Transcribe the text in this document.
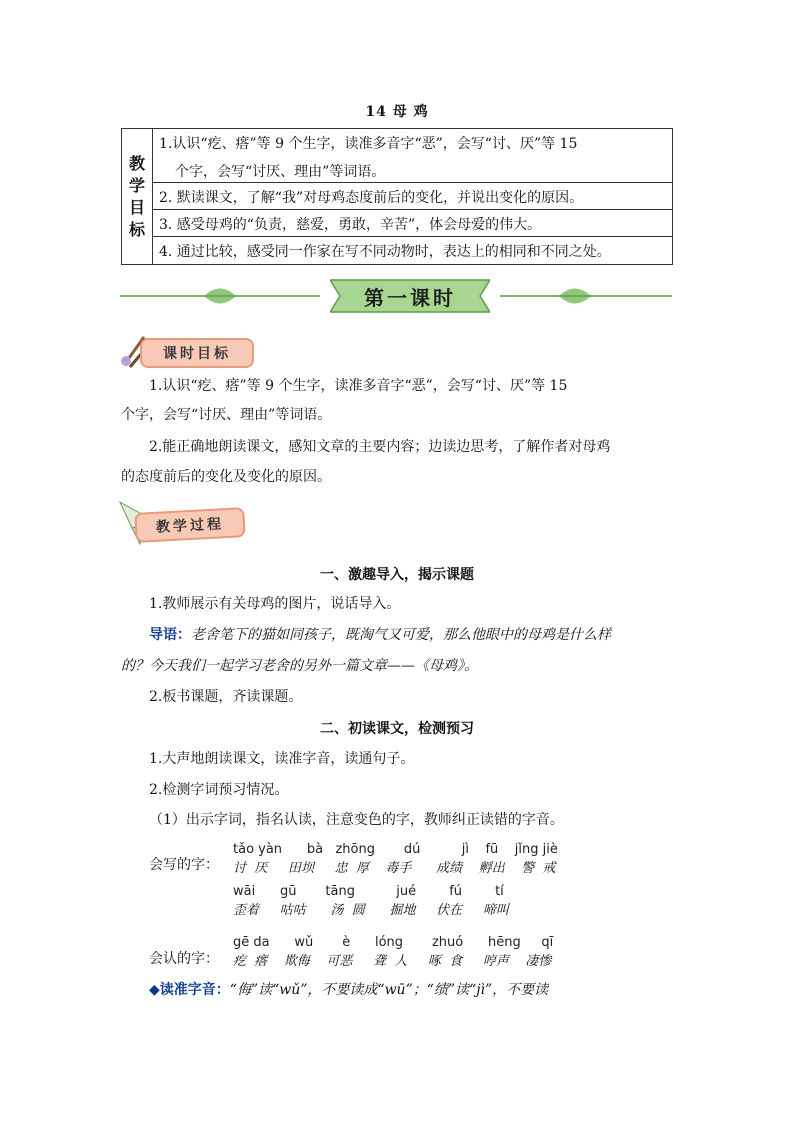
14 母 鸡
教
学
目
标
1.认识“疙、瘩”等 9 个生字，读准多音字“恶”，会写“讨、厌”等 15
个字，会写“讨厌、理由”等词语。
2. 默读课文，了解“我”对母鸡态度前后的变化，并说出变化的原因。
3. 感受母鸡的“负责，慈爱，勇敢，辛苦”，体会母爱的伟大。
4. 通过比较，感受同一作家在写不同动物时，表达上的相同和不同之处。
第一课时
课时目标
1.认识“疙、瘩”等 9 个生字，读准多音字“恶”，会写“讨、厌”等 15
个字，会写“讨厌、理由”等词语。
2.能正确地朗读课文，感知文章的主要内容；边读边思考，了解作者对母鸡
的态度前后的变化及变化的原因。
教学过程
一、激趣导入，揭示课题
1.教师展示有关母鸡的图片，说话导入。
导语：老舍笔下的猫如同孩子，既淘气又可爱，那么他眼中的母鸡是什么样
的？今天我们一起学习老舍的另外一篇文章——《母鸡》。
2.板书课题，齐读课题。
二、初读课文，检测预习
1.大声地朗读课文，读准字音，读通句子。
2.检测字词预习情况。
（1）出示字词，指名认读，注意变色的字，教师纠正读错的字音。
tǎo yàn      bà   zhōng       dú          jì    fū    jǐng jiè
会写的字： 讨  厌     田坝     忠  厚    毒手      成绩    孵出    警  戒
wāi      gū       tāng          jué        fú        tí
歪着     咕咕      汤  圆      掘地     伏在     啼叫
gē da      wǔ       è      lóng       zhuó      hēng     qī
会认的字： 疙  瘩    欺侮    可恶     聋  人     啄  食     哼声    凄惨
◆读准字音：“侮”读“wǔ”，不要读成“wū”；“绩”读“jì”，不要读
